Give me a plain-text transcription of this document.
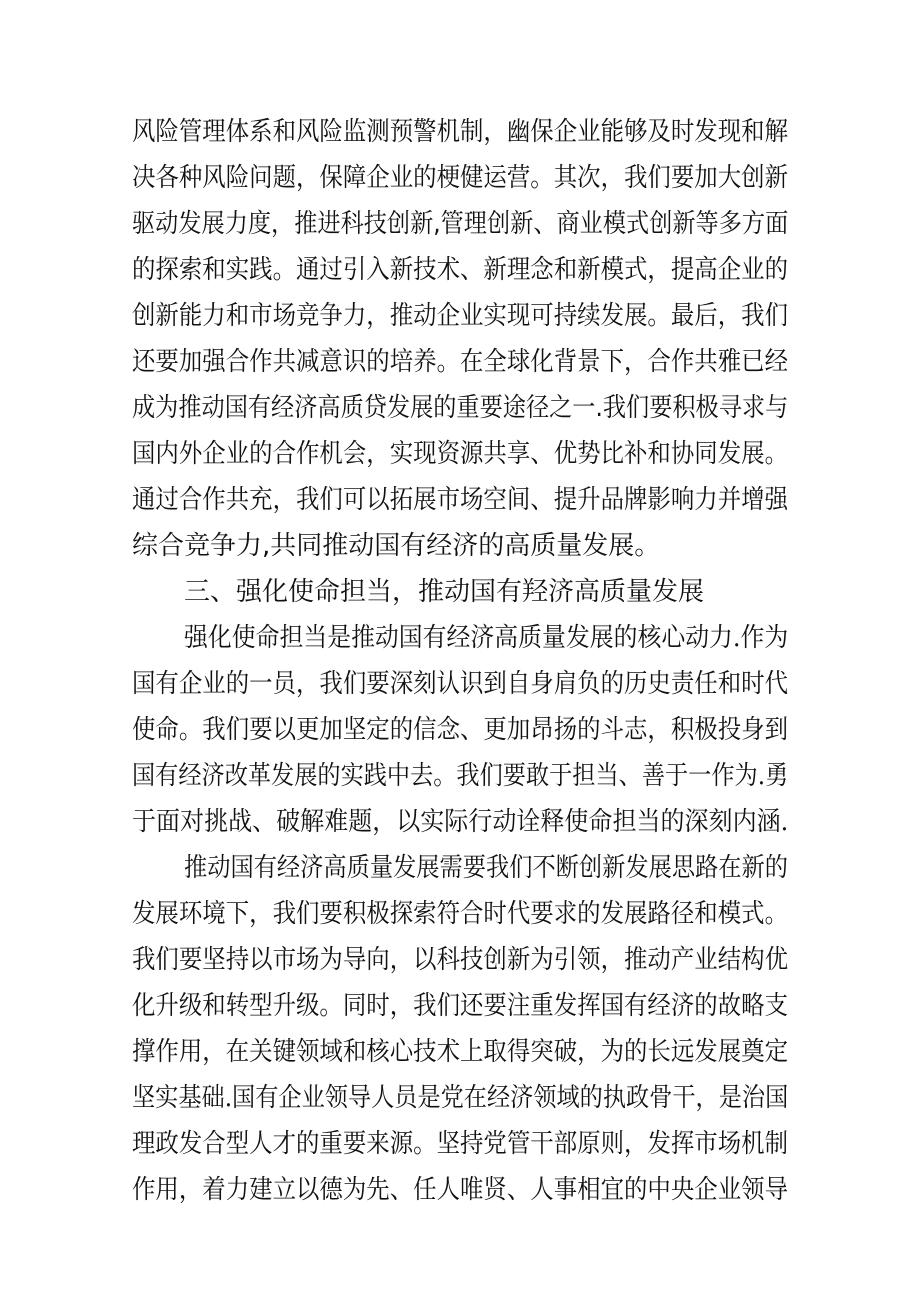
风险管理体系和风险监测预警机制，幽保企业能够及时发现和解
决各种风险问题，保障企业的梗健运营。其次，我们要加大创新
驱动发展力度，推进科技创新,管理创新、商业模式创新等多方面
的探索和实践。通过引入新技术、新理念和新模式，提高企业的
创新能力和市场竞争力，推动企业实现可持续发展。最后，我们
还要加强合作共减意识的培养。在全球化背景下，合作共雅已经
成为推动国有经济高质贷发展的重要途径之一.我们要积极寻求与
国内外企业的合作机会，实现资源共享、优势比补和协同发展。
通过合作共充，我们可以拓展市场空间、提升品牌影响力并增强
综合竞争力,共同推动国有经济的高质量发展。
三、强化使命担当，推动国有羟济高质量发展
强化使命担当是推动国有经济高质量发展的核心动力.作为
国有企业的一员，我们要深刻认识到自身肩负的历史责任和时代
使命。我们要以更加坚定的信念、更加昂扬的斗志，积极投身到
国有经济改革发展的实践中去。我们要敢于担当、善于一作为.勇
于面对挑战、破解难题，以实际行动诠释使命担当的深刻内涵.
推动国有经济高质量发展需要我们不断创新发展思路在新的
发展环境下，我们要积极探索符合时代要求的发展路径和模式。
我们要坚持以市场为导向，以科技创新为引领，推动产业结构优
化升级和转型升级。同时，我们还要注重发挥国有经济的故略支
撑作用，在关键领域和核心技术上取得突破，为的长远发展奠定
坚实基础.国有企业领导人员是党在经济领域的执政骨干，是治国
理政发合型人才的重要来源。坚持党管干部原则，发挥市场机制
作用，着力建立以德为先、任人唯贤、人事相宜的中央企业领导
